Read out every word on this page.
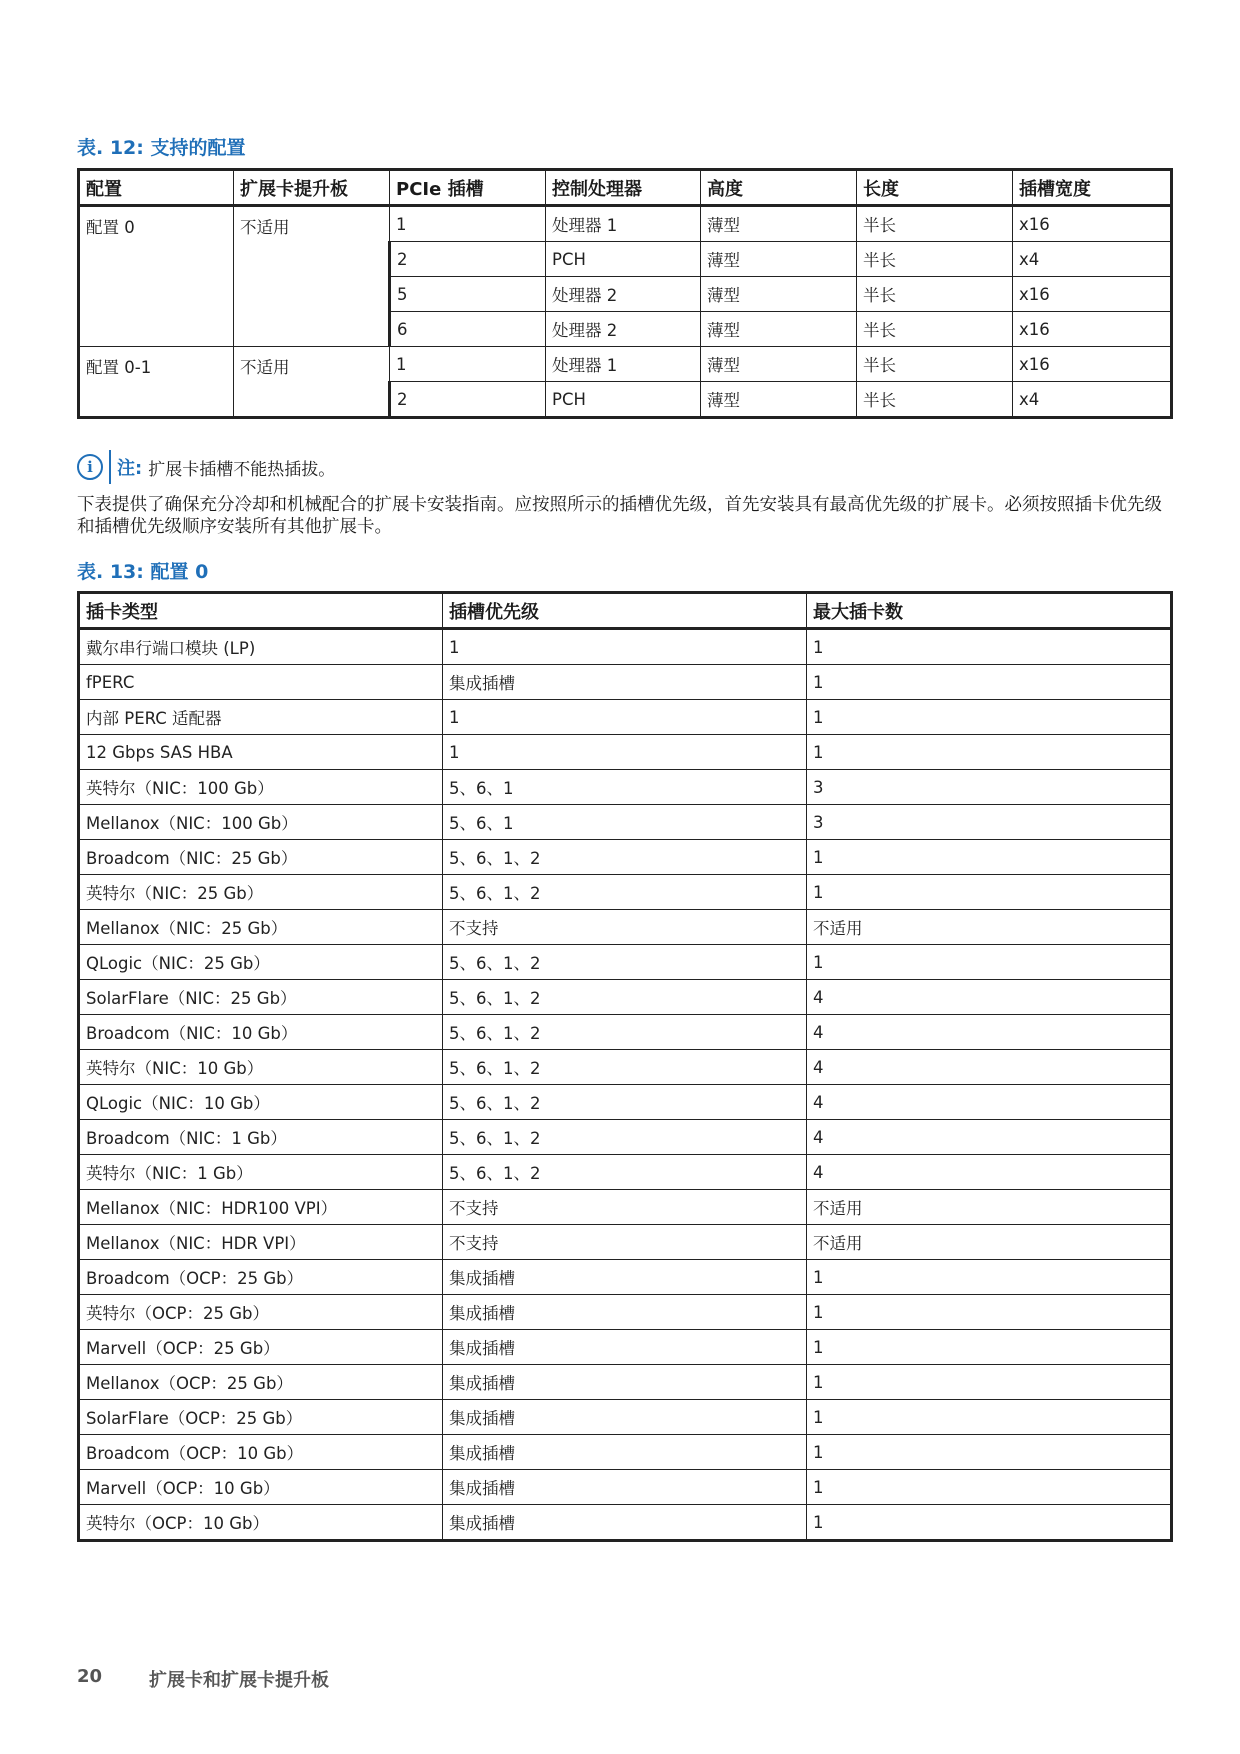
表. 12: 支持的配置
配置	扩展卡提升板	PCIe 插槽	控制处理器	高度	长度	插槽宽度
配置 0	不适用	1	处理器 1	薄型	半长	x16
		2	PCH	薄型	半长	x4
		5	处理器 2	薄型	半长	x16
		6	处理器 2	薄型	半长	x16
配置 0-1	不适用	1	处理器 1	薄型	半长	x16
		2	PCH	薄型	半长	x4
i	注: 扩展卡插槽不能热插拔。
下表提供了确保充分冷却和机械配合的扩展卡安装指南。应按照所示的插槽优先级，首先安装具有最高优先级的扩展卡。必须按照插卡优先级和插槽优先级顺序安装所有其他扩展卡。
表. 13: 配置 0
插卡类型	插槽优先级	最大插卡数
戴尔串行端口模块 (LP)	1	1
fPERC	集成插槽	1
内部 PERC 适配器	1	1
12 Gbps SAS HBA	1	1
英特尔（NIC：100 Gb）	5、6、1	3
Mellanox（NIC：100 Gb）	5、6、1	3
Broadcom（NIC：25 Gb）	5、6、1、2	1
英特尔（NIC：25 Gb）	5、6、1、2	1
Mellanox（NIC：25 Gb）	不支持	不适用
QLogic（NIC：25 Gb）	5、6、1、2	1
SolarFlare（NIC：25 Gb）	5、6、1、2	4
Broadcom（NIC：10 Gb）	5、6、1、2	4
英特尔（NIC：10 Gb）	5、6、1、2	4
QLogic（NIC：10 Gb）	5、6、1、2	4
Broadcom（NIC：1 Gb）	5、6、1、2	4
英特尔（NIC：1 Gb）	5、6、1、2	4
Mellanox（NIC：HDR100 VPI）	不支持	不适用
Mellanox（NIC：HDR VPI）	不支持	不适用
Broadcom（OCP：25 Gb）	集成插槽	1
英特尔（OCP：25 Gb）	集成插槽	1
Marvell（OCP：25 Gb）	集成插槽	1
Mellanox（OCP：25 Gb）	集成插槽	1
SolarFlare（OCP：25 Gb）	集成插槽	1
Broadcom（OCP：10 Gb）	集成插槽	1
Marvell（OCP：10 Gb）	集成插槽	1
英特尔（OCP：10 Gb）	集成插槽	1
20	扩展卡和扩展卡提升板
